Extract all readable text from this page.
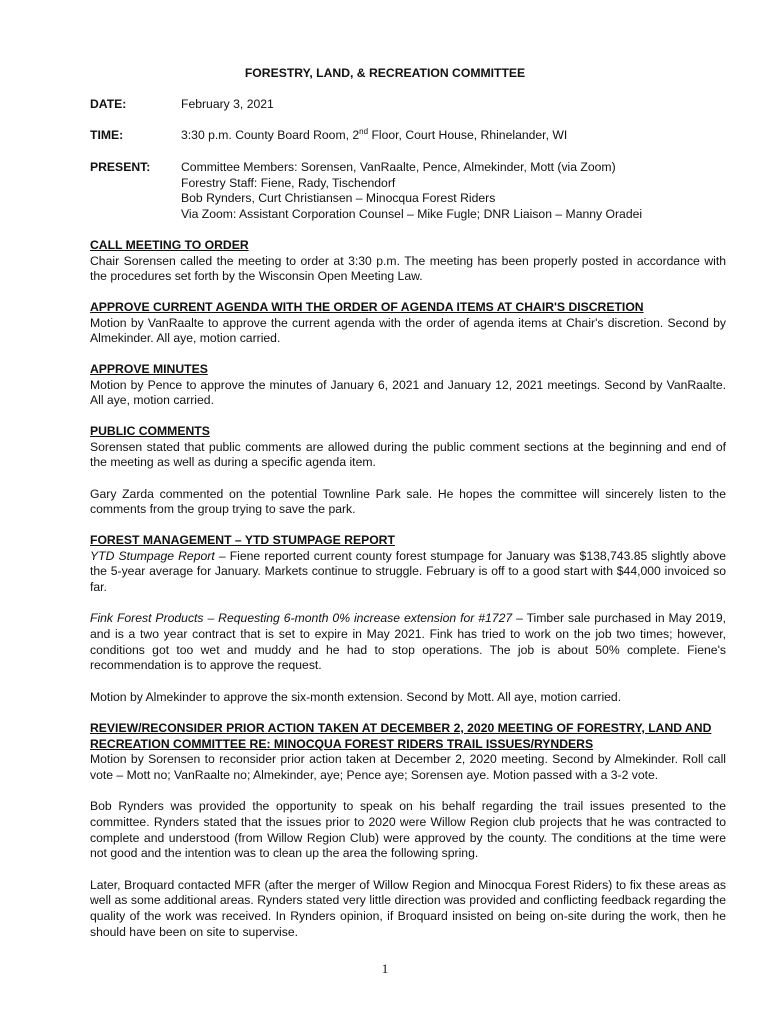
FORESTRY, LAND, & RECREATION COMMITTEE
DATE:	February 3, 2021
TIME:	3:30 p.m. County Board Room, 2nd Floor, Court House, Rhinelander, WI
PRESENT:	Committee Members: Sorensen, VanRaalte, Pence, Almekinder, Mott (via Zoom)
Forestry Staff: Fiene, Rady, Tischendorf
Bob Rynders, Curt Christiansen – Minocqua Forest Riders
Via Zoom: Assistant Corporation Counsel – Mike Fugle; DNR Liaison – Manny Oradei
CALL MEETING TO ORDER
Chair Sorensen called the meeting to order at 3:30 p.m. The meeting has been properly posted in accordance with the procedures set forth by the Wisconsin Open Meeting Law.
APPROVE CURRENT AGENDA WITH THE ORDER OF AGENDA ITEMS AT CHAIR'S DISCRETION
Motion by VanRaalte to approve the current agenda with the order of agenda items at Chair's discretion. Second by Almekinder. All aye, motion carried.
APPROVE MINUTES
Motion by Pence to approve the minutes of January 6, 2021 and January 12, 2021 meetings. Second by VanRaalte. All aye, motion carried.
PUBLIC COMMENTS
Sorensen stated that public comments are allowed during the public comment sections at the beginning and end of the meeting as well as during a specific agenda item.
Gary Zarda commented on the potential Townline Park sale. He hopes the committee will sincerely listen to the comments from the group trying to save the park.
FOREST MANAGEMENT – YTD STUMPAGE REPORT
YTD Stumpage Report – Fiene reported current county forest stumpage for January was $138,743.85 slightly above the 5-year average for January. Markets continue to struggle. February is off to a good start with $44,000 invoiced so far.
Fink Forest Products – Requesting 6-month 0% increase extension for #1727 – Timber sale purchased in May 2019, and is a two year contract that is set to expire in May 2021. Fink has tried to work on the job two times; however, conditions got too wet and muddy and he had to stop operations. The job is about 50% complete. Fiene's recommendation is to approve the request.
Motion by Almekinder to approve the six-month extension. Second by Mott. All aye, motion carried.
REVIEW/RECONSIDER PRIOR ACTION TAKEN AT DECEMBER 2, 2020 MEETING OF FORESTRY, LAND AND RECREATION COMMITTEE RE: MINOCQUA FOREST RIDERS TRAIL ISSUES/RYNDERS
Motion by Sorensen to reconsider prior action taken at December 2, 2020 meeting. Second by Almekinder. Roll call vote – Mott no; VanRaalte no; Almekinder, aye; Pence aye; Sorensen aye. Motion passed with a 3-2 vote.
Bob Rynders was provided the opportunity to speak on his behalf regarding the trail issues presented to the committee. Rynders stated that the issues prior to 2020 were Willow Region club projects that he was contracted to complete and understood (from Willow Region Club) were approved by the county. The conditions at the time were not good and the intention was to clean up the area the following spring.
Later, Broquard contacted MFR (after the merger of Willow Region and Minocqua Forest Riders) to fix these areas as well as some additional areas. Rynders stated very little direction was provided and conflicting feedback regarding the quality of the work was received. In Rynders opinion, if Broquard insisted on being on-site during the work, then he should have been on site to supervise.
1
